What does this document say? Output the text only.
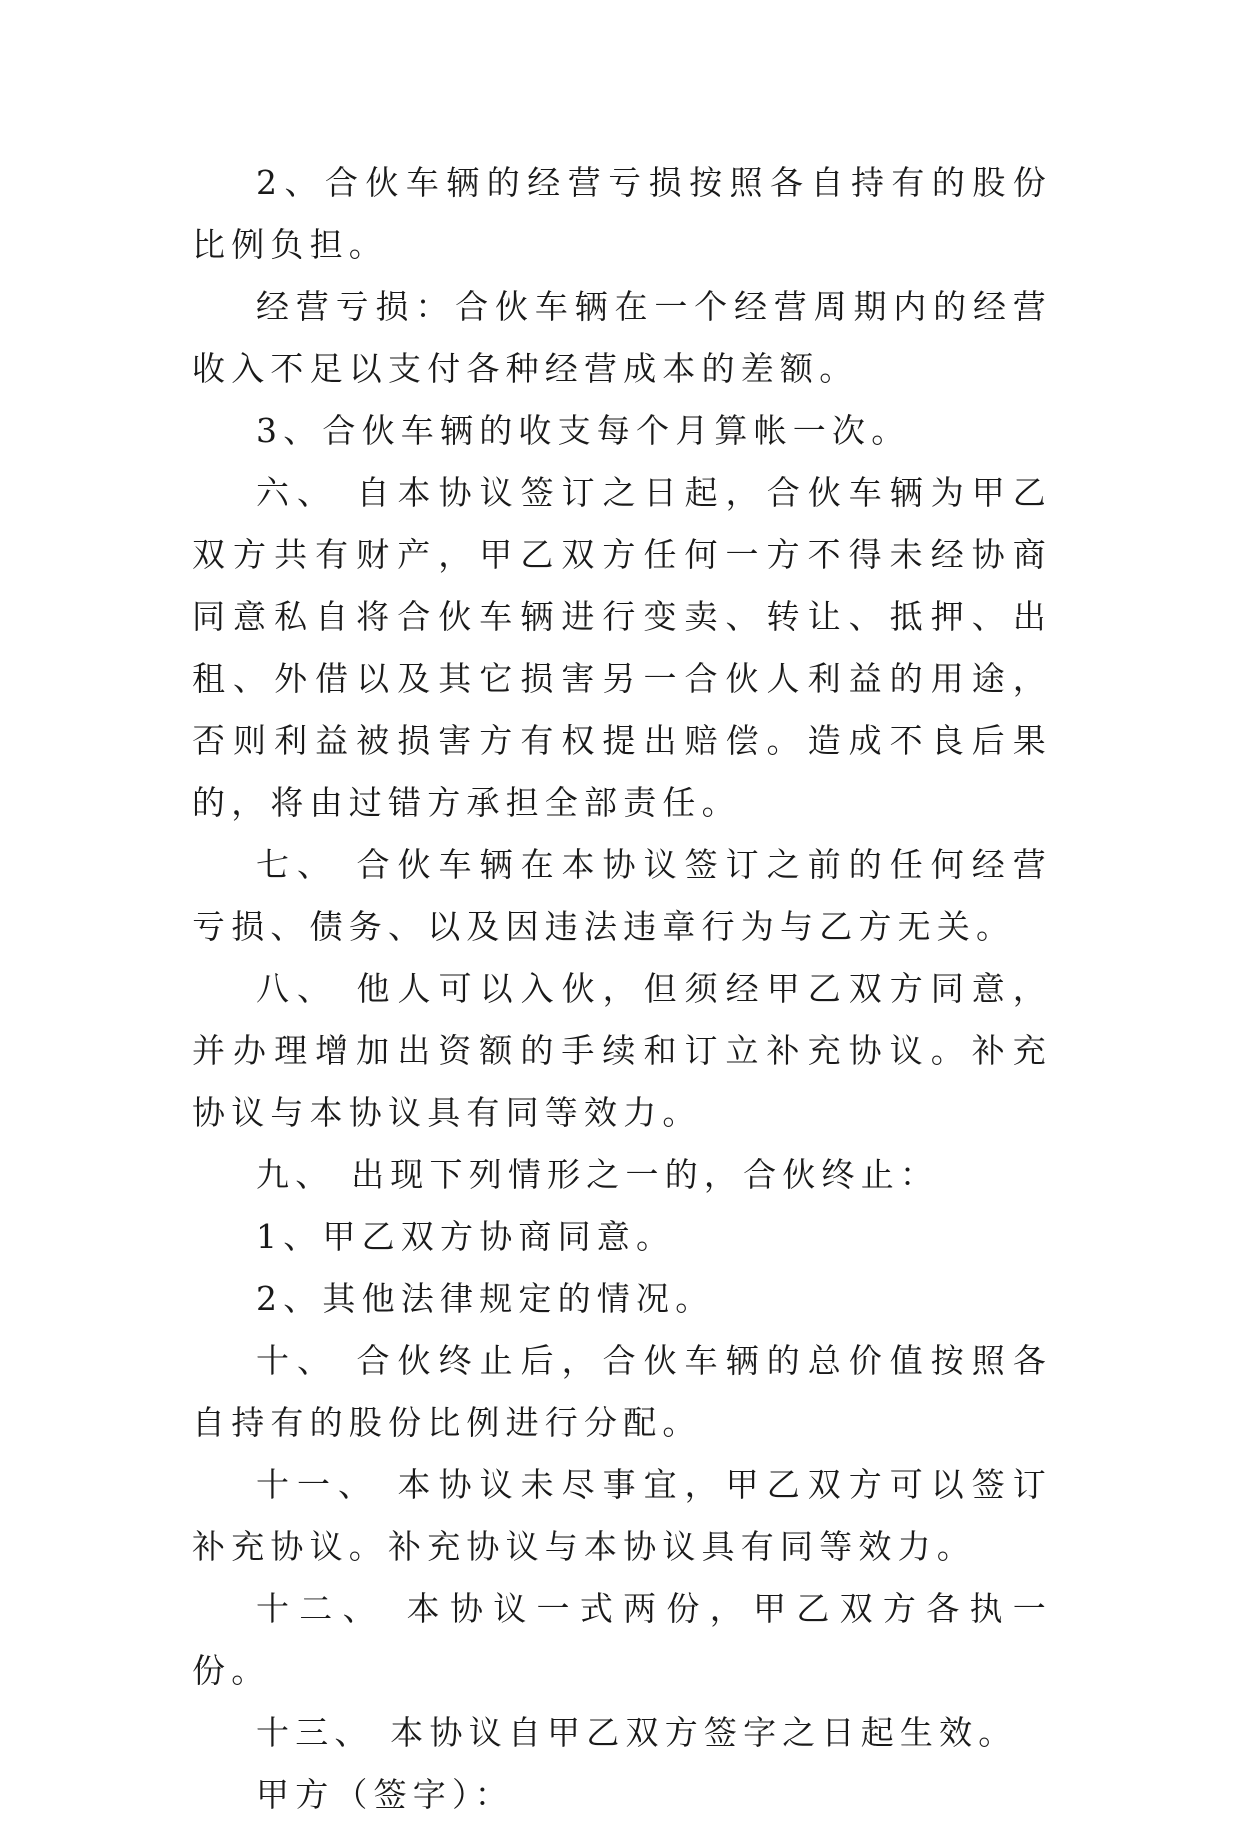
2、合伙车辆的经营亏损按照各自持有的股份比例负担。

经营亏损：合伙车辆在一个经营周期内的经营收入不足以支付各种经营成本的差额。

3、合伙车辆的收支每个月算帐一次。

六、 自本协议签订之日起，合伙车辆为甲乙双方共有财产，甲乙双方任何一方不得未经协商同意私自将合伙车辆进行变卖、转让、抵押、出租、外借以及其它损害另一合伙人利益的用途，否则利益被损害方有权提出赔偿。造成不良后果的，将由过错方承担全部责任。

七、 合伙车辆在本协议签订之前的任何经营亏损、债务、以及因违法违章行为与乙方无关。

八、 他人可以入伙，但须经甲乙双方同意，并办理增加出资额的手续和订立补充协议。补充协议与本协议具有同等效力。

九、 出现下列情形之一的，合伙终止：

1、甲乙双方协商同意。

2、其他法律规定的情况。

十、 合伙终止后，合伙车辆的总价值按照各自持有的股份比例进行分配。

十一、 本协议未尽事宜，甲乙双方可以签订补充协议。补充协议与本协议具有同等效力。

十二、 本协议一式两份，甲乙双方各执一份。

十三、 本协议自甲乙双方签字之日起生效。

甲方（签字）：
